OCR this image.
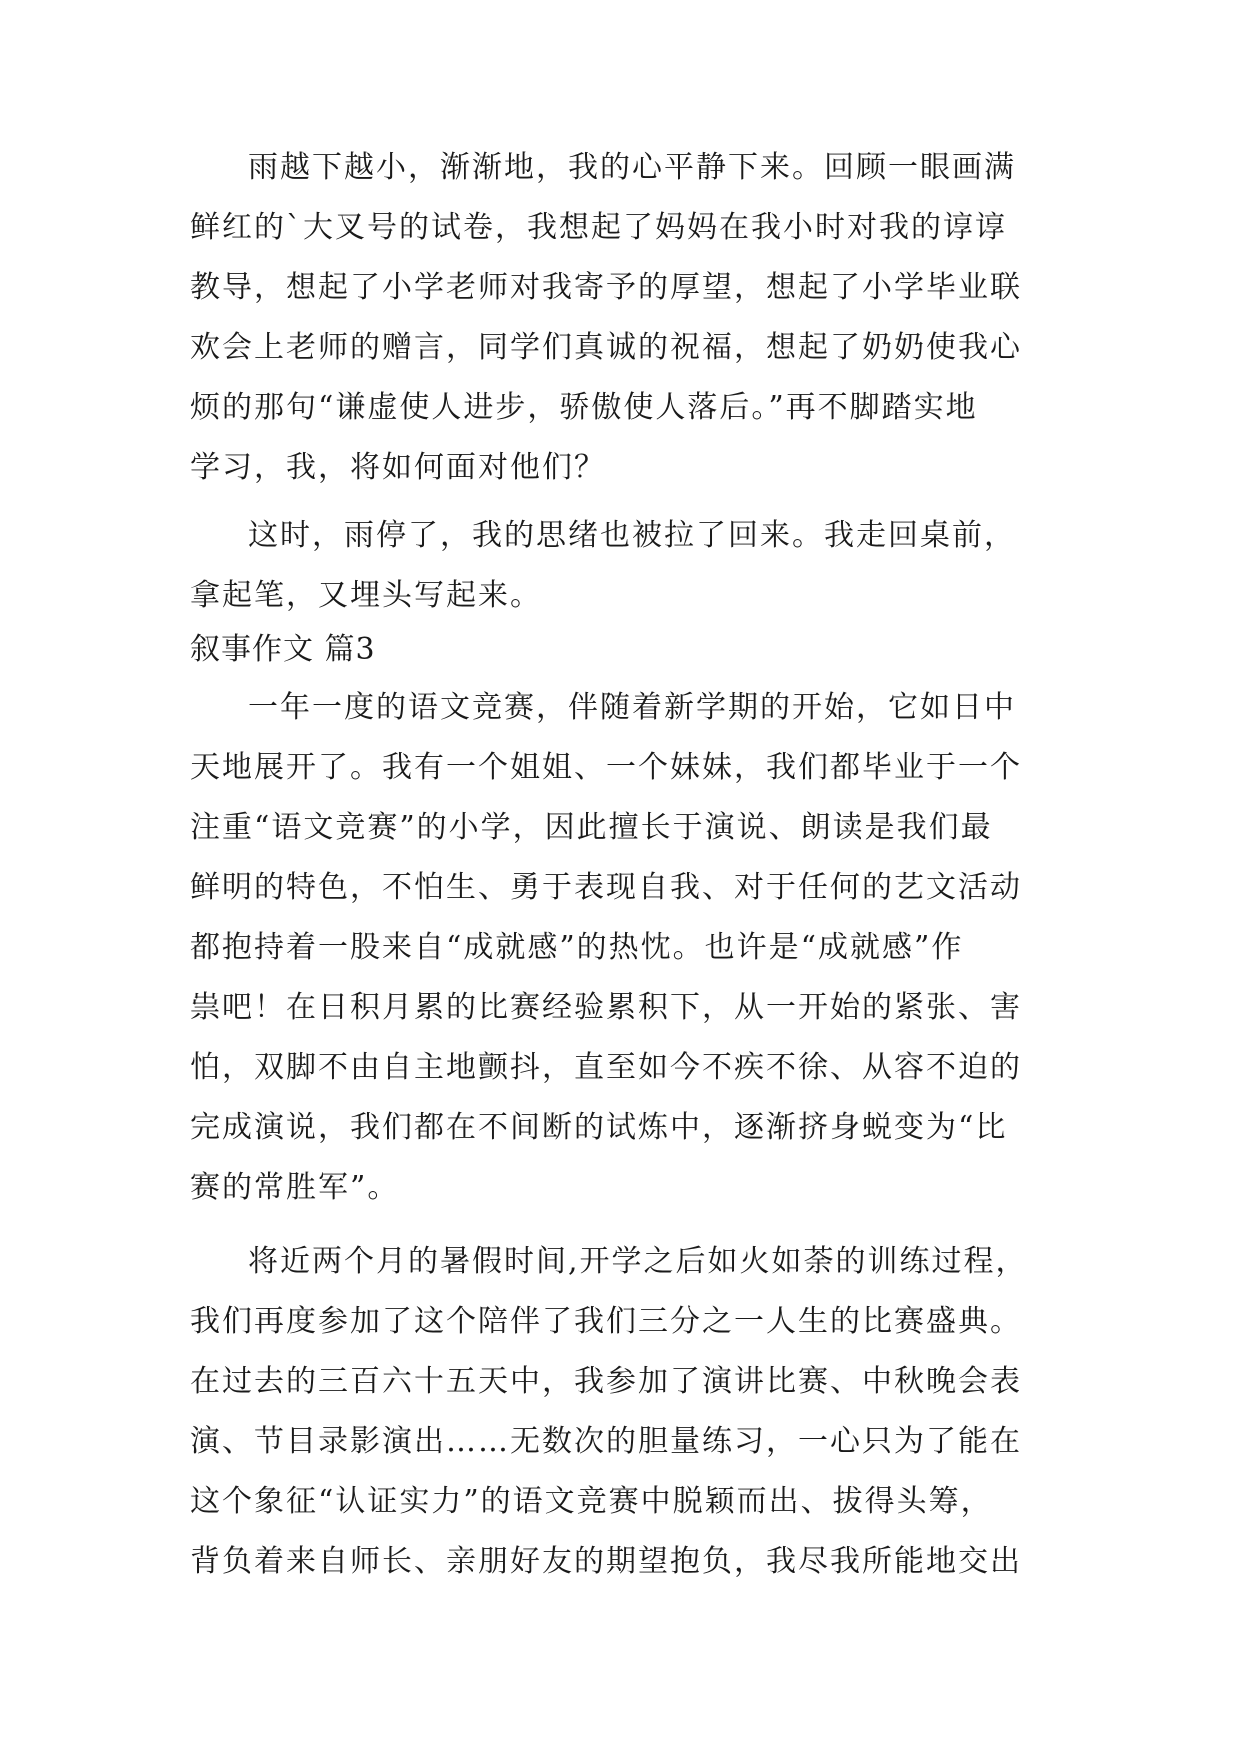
雨越下越小，渐渐地，我的心平静下来。回顾一眼画满
鲜红的`大叉号的试卷，我想起了妈妈在我小时对我的谆谆
教导，想起了小学老师对我寄予的厚望，想起了小学毕业联
欢会上老师的赠言，同学们真诚的祝福，想起了奶奶使我心
烦的那句“谦虚使人进步，骄傲使人落后。”再不脚踏实地
学习，我，将如何面对他们？
这时，雨停了，我的思绪也被拉了回来。我走回桌前，
拿起笔，又埋头写起来。
叙事作文 篇3
一年一度的语文竞赛，伴随着新学期的开始，它如日中
天地展开了。我有一个姐姐、一个妹妹，我们都毕业于一个
注重“语文竞赛”的小学，因此擅长于演说、朗读是我们最
鲜明的特色，不怕生、勇于表现自我、对于任何的艺文活动
都抱持着一股来自“成就感”的热忱。也许是“成就感”作
祟吧！在日积月累的比赛经验累积下，从一开始的紧张、害
怕，双脚不由自主地颤抖，直至如今不疾不徐、从容不迫的
完成演说，我们都在不间断的试炼中，逐渐挤身蜕变为“比
赛的常胜军”。
将近两个月的暑假时间,开学之后如火如荼的训练过程，
我们再度参加了这个陪伴了我们三分之一人生的比赛盛典。
在过去的三百六十五天中，我参加了演讲比赛、中秋晚会表
演、节目录影演出……无数次的胆量练习，一心只为了能在
这个象征“认证实力”的语文竞赛中脱颖而出、拔得头筹，
背负着来自师长、亲朋好友的期望抱负，我尽我所能地交出
